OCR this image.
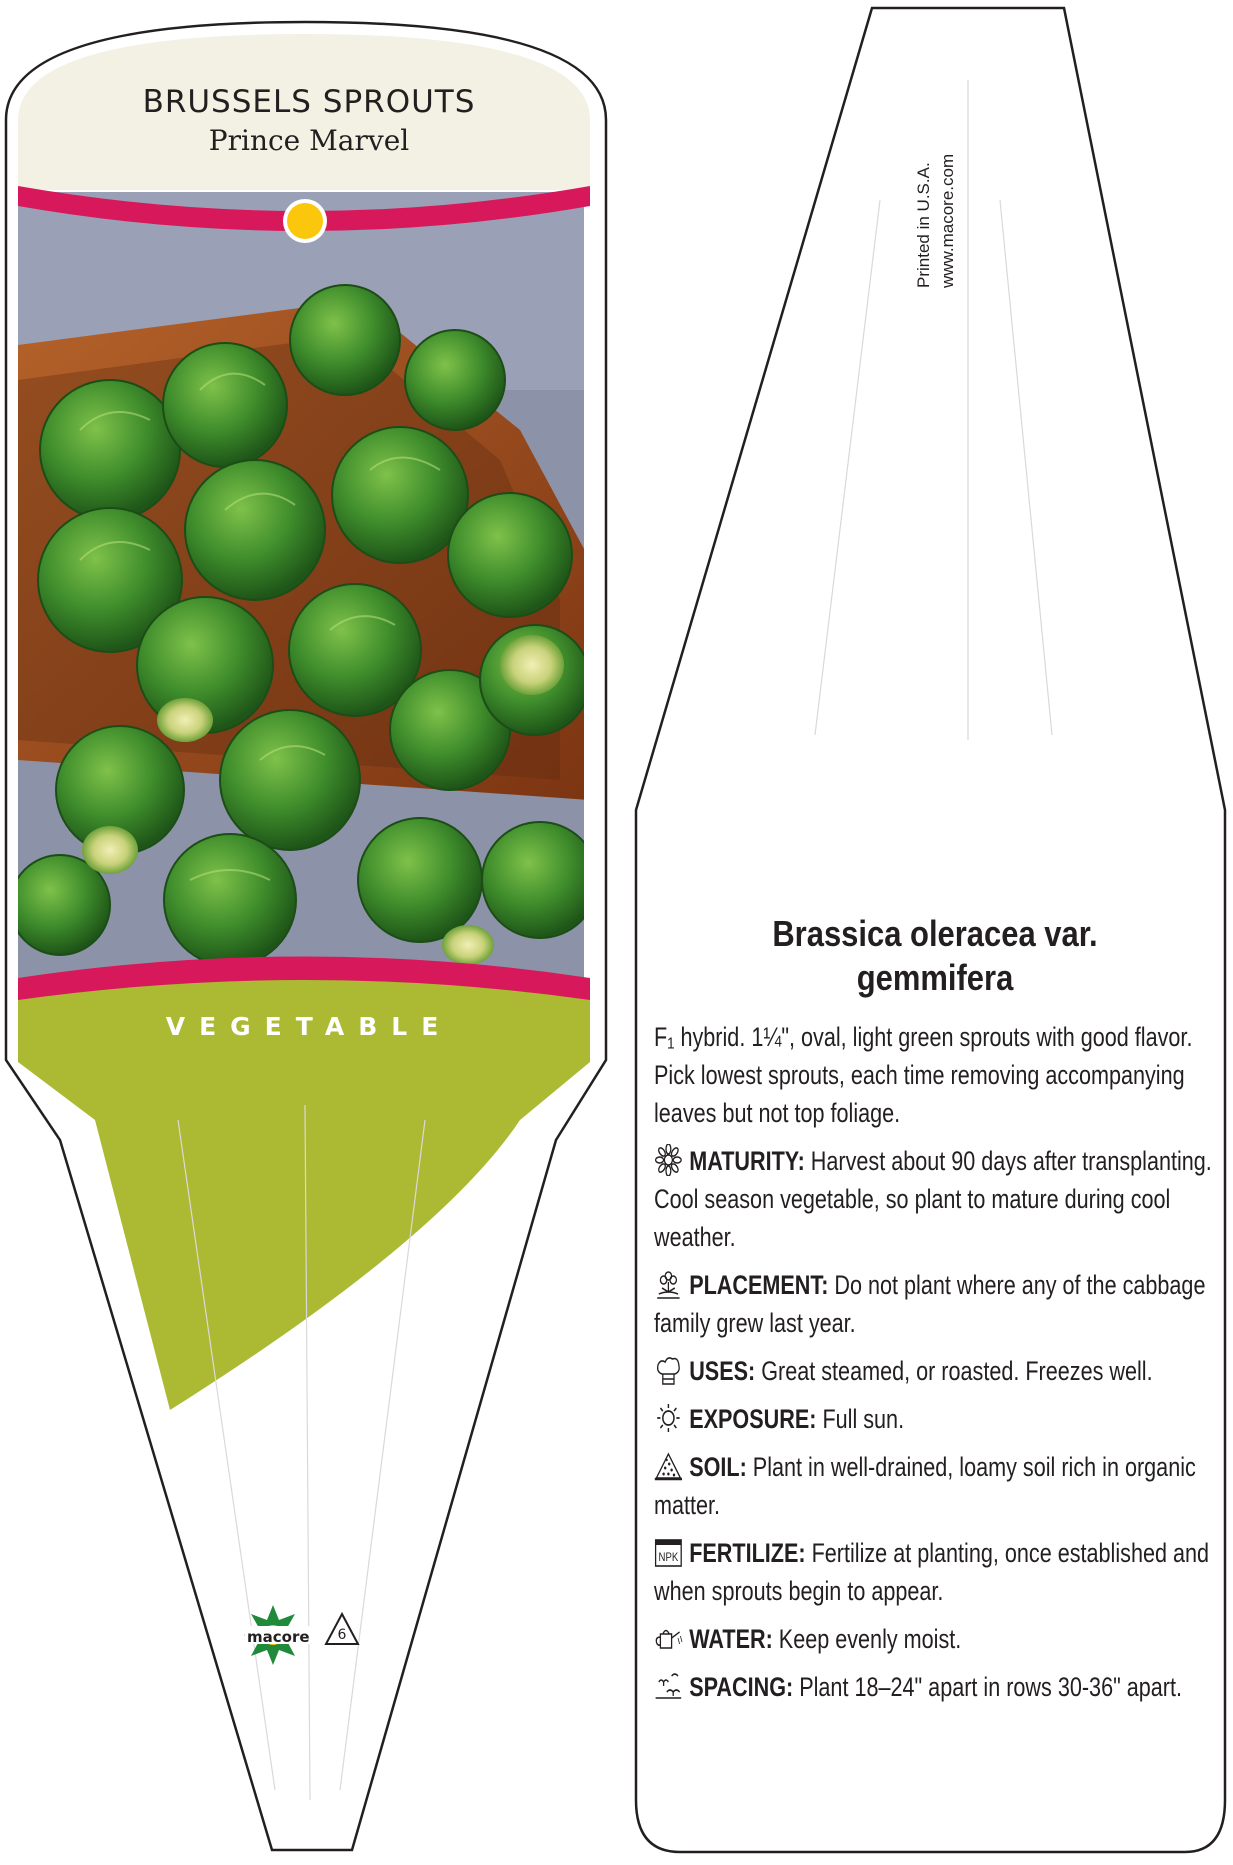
BRUSSELS SPROUTS
Prince Marvel
VEGETABLE
macore 6
Printed in U.S.A. www.macore.com
Brassica oleracea var.
gemmifera

F₁ hybrid. 1¼", oval, light green sprouts with good flavor. Pick lowest sprouts, each time removing accompanying leaves but not top foliage.

MATURITY: Harvest about 90 days after transplanting. Cool season vegetable, so plant to mature during cool weather.

PLACEMENT: Do not plant where any of the cabbage family grew last year.

USES: Great steamed, or roasted. Freezes well.

EXPOSURE: Full sun.

SOIL: Plant in well-drained, loamy soil rich in organic matter.

NPK FERTILIZE: Fertilize at planting, once established and when sprouts begin to appear.

WATER: Keep evenly moist.

SPACING: Plant 18–24" apart in rows 30-36" apart.
